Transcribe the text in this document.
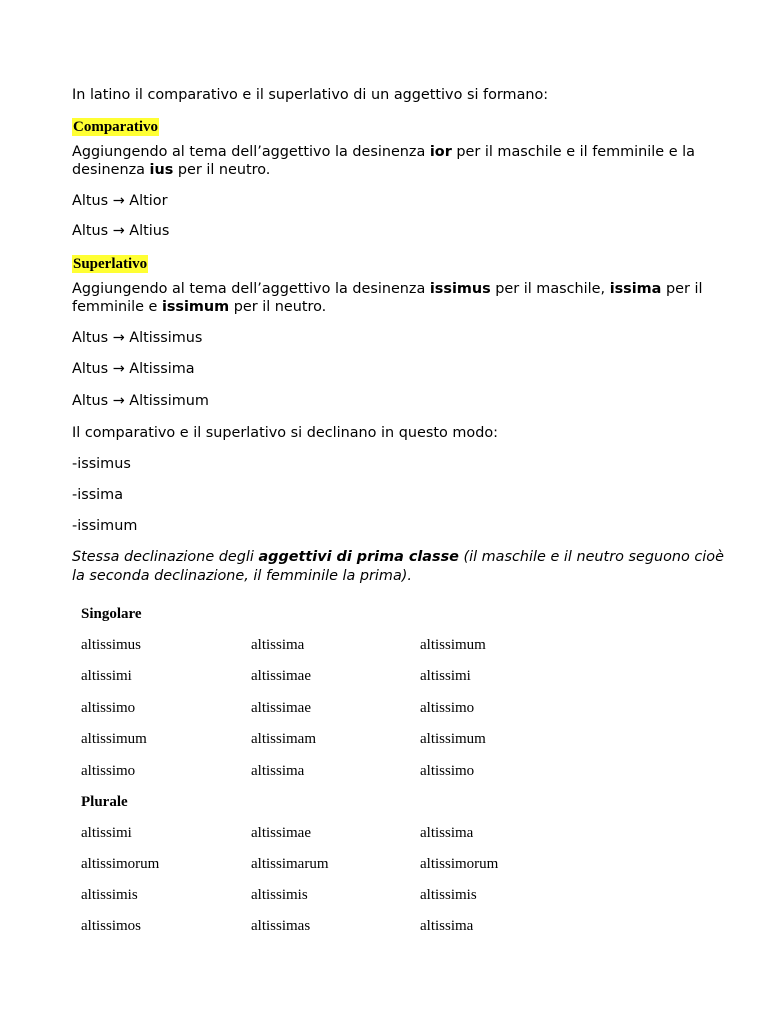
In latino il comparativo e il superlativo di un aggettivo si formano:

Comparativo

Aggiungendo al tema dell’aggettivo la desinenza ior per il maschile e il femminile e la

desinenza ius per il neutro.

Altus → Altior

Altus → Altius

Superlativo

Aggiungendo al tema dell’aggettivo la desinenza issimus per il maschile, issima per il

femminile e issimum per il neutro.

Altus → Altissimus

Altus → Altissima

Altus → Altissimum

Il comparativo e il superlativo si declinano in questo modo:

-issimus

-issima

-issimum

Stessa declinazione degli aggettivi di prima classe (il maschile e il neutro seguono cioè

la seconda declinazione, il femminile la prima).

Singolare
altissimus	altissima	altissimum
altissimi	altissimae	altissimi
altissimo	altissimae	altissimo
altissimum	altissimam	altissimum
altissimo	altissima	altissimo
Plurale
altissimi	altissimae	altissima
altissimorum	altissimarum	altissimorum
altissimis	altissimis	altissimis
altissimos	altissimas	altissima
